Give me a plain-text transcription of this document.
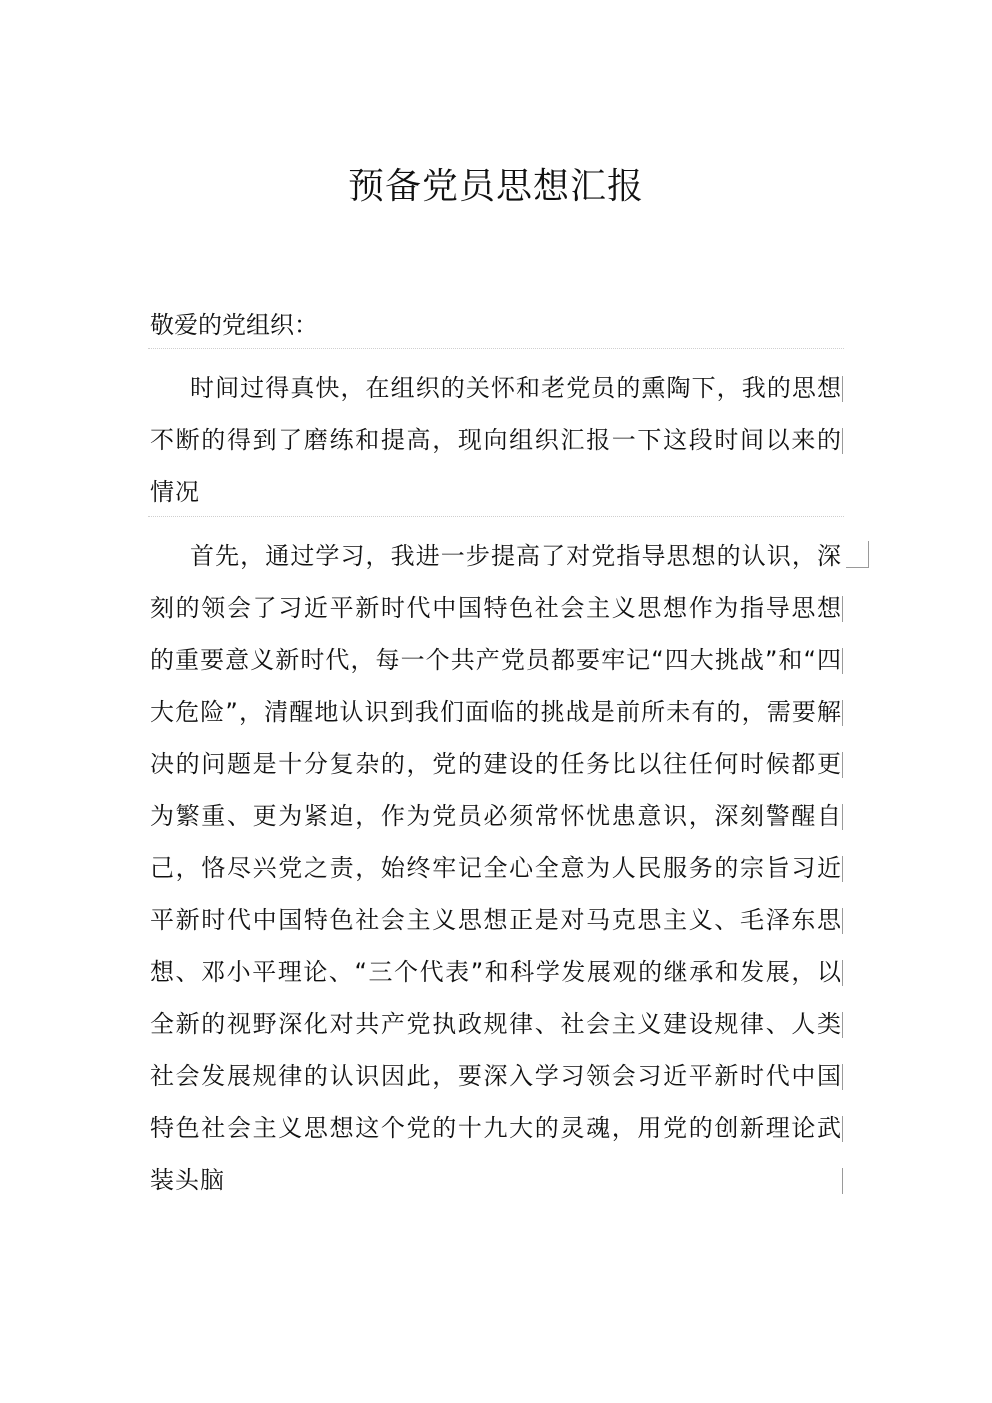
预备党员思想汇报

敬爱的党组织：

时间过得真快，在组织的关怀和老党员的熏陶下，我的思想不断的得到了磨练和提高，现向组织汇报一下这段时间以来的情况

首先，通过学习，我进一步提高了对党指导思想的认识，深刻的领会了习近平新时代中国特色社会主义思想作为指导思想的重要意义新时代，每一个共产党员都要牢记“四大挑战”和“四大危险”，清醒地认识到我们面临的挑战是前所未有的，需要解决的问题是十分复杂的，党的建设的任务比以往任何时候都更为繁重、更为紧迫，作为党员必须常怀忧患意识，深刻警醒自己，恪尽兴党之责，始终牢记全心全意为人民服务的宗旨习近平新时代中国特色社会主义思想正是对马克思主义、毛泽东思想、邓小平理论、“三个代表”和科学发展观的继承和发展，以全新的视野深化对共产党执政规律、社会主义建设规律、人类社会发展规律的认识因此，要深入学习领会习近平新时代中国特色社会主义思想这个党的十九大的灵魂，用党的创新理论武装头脑
